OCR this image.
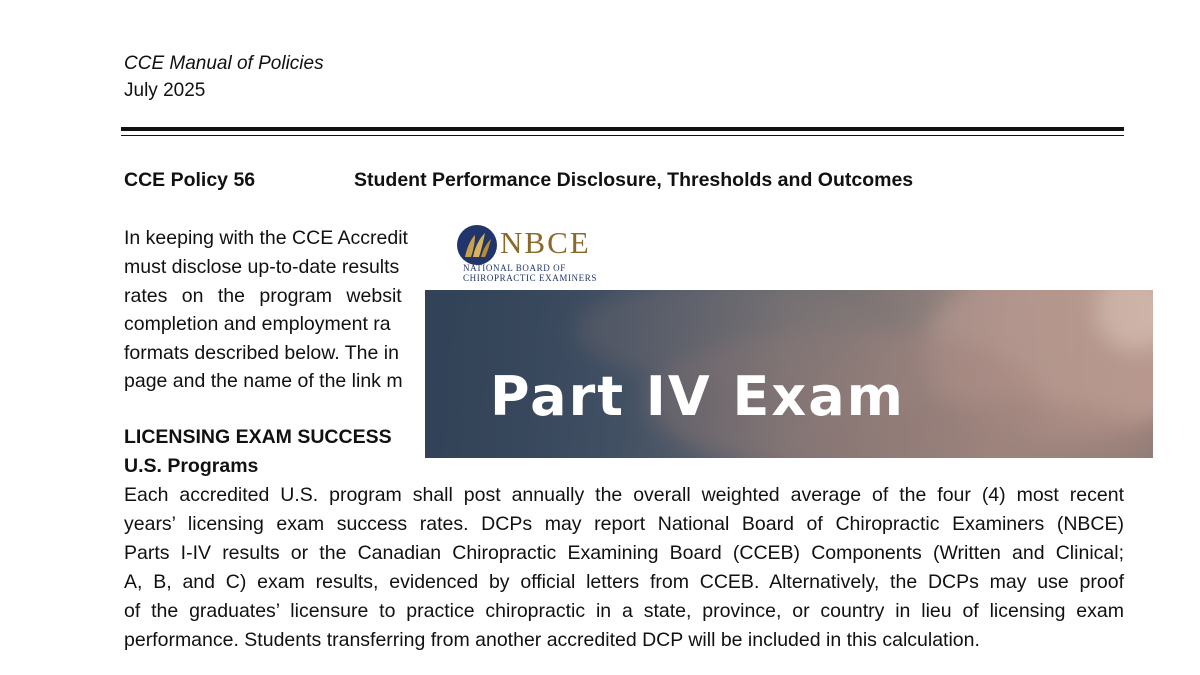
CCE Manual of Policies
July 2025
CCE Policy 56	Student Performance Disclosure, Thresholds and Outcomes
In keeping with the CCE Accredit
must disclose up-to-date results
rates on the program websit
completion and employment ra
formats described below. The in
page and the name of the link m
LICENSING EXAM SUCCESS
U.S. Programs
Each accredited U.S. program shall post annually the overall weighted average of the four (4) most recent
years’ licensing exam success rates. DCPs may report National Board of Chiropractic Examiners (NBCE)
Parts I-IV results or the Canadian Chiropractic Examining Board (CCEB) Components (Written and Clinical;
A, B, and C) exam results, evidenced by official letters from CCEB. Alternatively, the DCPs may use proof
of the graduates’ licensure to practice chiropractic in a state, province, or country in lieu of licensing exam
performance. Students transferring from another accredited DCP will be included in this calculation.
NBCE
NATIONAL BOARD OF
CHIROPRACTIC EXAMINERS
Part IV Exam
